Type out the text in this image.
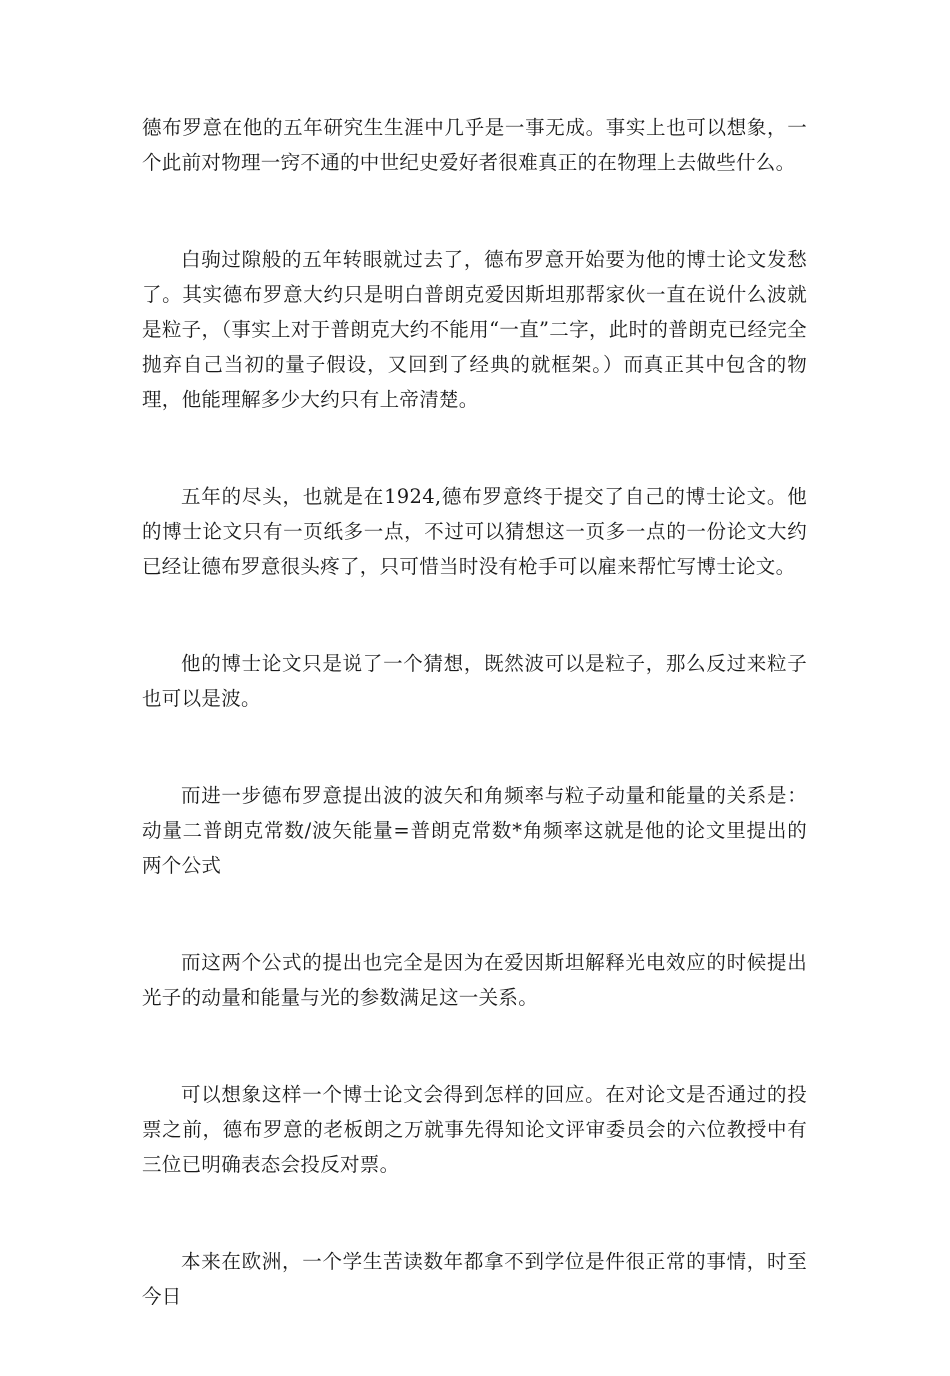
德布罗意在他的五年研究生生涯中几乎是一事无成。事实上也可以想象，一个此前对物理一窍不通的中世纪史爱好者很难真正的在物理上去做些什么。

白驹过隙般的五年转眼就过去了，德布罗意开始要为他的博士论文发愁了。其实德布罗意大约只是明白普朗克爱因斯坦那帮家伙一直在说什么波就是粒子，（事实上对于普朗克大约不能用“一直”二字，此时的普朗克已经完全抛弃自己当初的量子假设，又回到了经典的就框架。）而真正其中包含的物理，他能理解多少大约只有上帝清楚。

五年的尽头，也就是在1924,德布罗意终于提交了自己的博士论文。他的博士论文只有一页纸多一点，不过可以猜想这一页多一点的一份论文大约已经让德布罗意很头疼了，只可惜当时没有枪手可以雇来帮忙写博士论文。

他的博士论文只是说了一个猜想，既然波可以是粒子，那么反过来粒子也可以是波。

而进一步德布罗意提出波的波矢和角频率与粒子动量和能量的关系是：动量二普朗克常数/波矢能量=普朗克常数*角频率这就是他的论文里提出的两个公式

而这两个公式的提出也完全是因为在爱因斯坦解释光电效应的时候提出光子的动量和能量与光的参数满足这一关系。

可以想象这样一个博士论文会得到怎样的回应。在对论文是否通过的投票之前，德布罗意的老板朗之万就事先得知论文评审委员会的六位教授中有三位已明确表态会投反对票。

本来在欧洲，一个学生苦读数年都拿不到学位是件很正常的事情，时至今日
